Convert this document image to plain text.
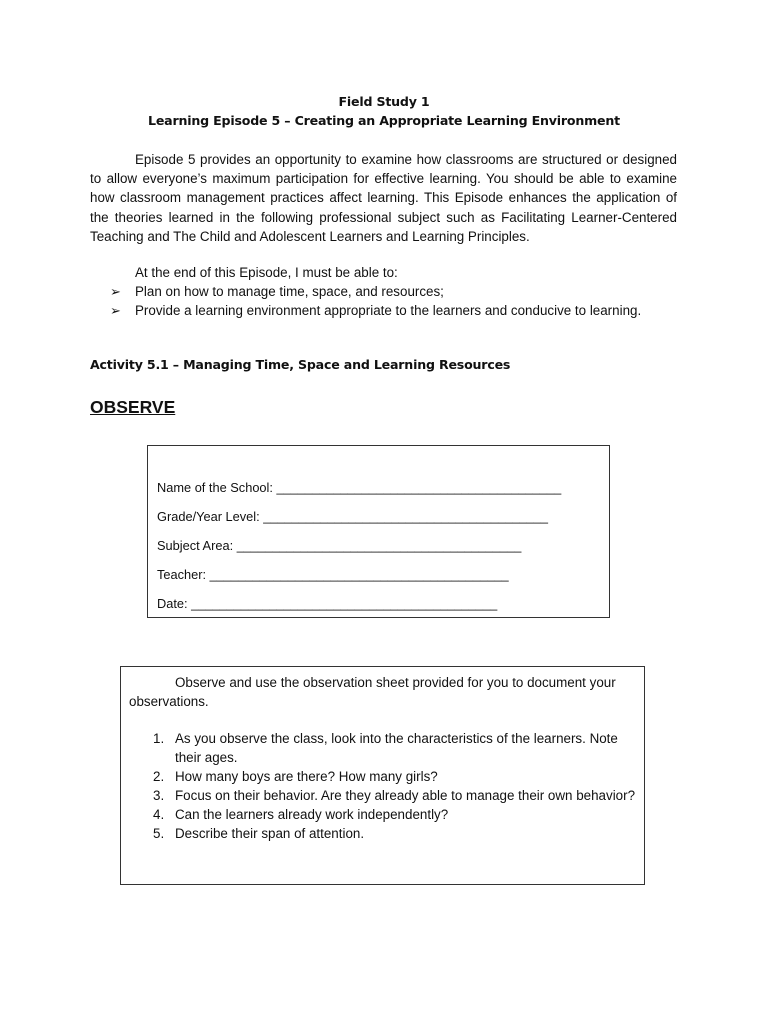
Field Study 1
Learning Episode 5 – Creating an Appropriate Learning Environment
Episode 5 provides an opportunity to examine how classrooms are structured or designed to allow everyone’s maximum participation for effective learning. You should be able to examine how classroom management practices affect learning. This Episode enhances the application of the theories learned in the following professional subject such as Facilitating Learner-Centered Teaching and The Child and Adolescent Learners and Learning Principles.
At the end of this Episode, I must be able to:
➢ Plan on how to manage time, space, and resources;
➢ Provide a learning environment appropriate to the learners and conducive to learning.
Activity 5.1 – Managing Time, Space and Learning Resources
OBSERVE
Name of the School: ________________________________________
Grade/Year Level: ________________________________________
Subject Area: ________________________________________
Teacher: __________________________________________
Date: ___________________________________________
Observe and use the observation sheet provided for you to document your observations.
1. As you observe the class, look into the characteristics of the learners. Note their ages.
2. How many boys are there? How many girls?
3. Focus on their behavior. Are they already able to manage their own behavior?
4. Can the learners already work independently?
5. Describe their span of attention.
